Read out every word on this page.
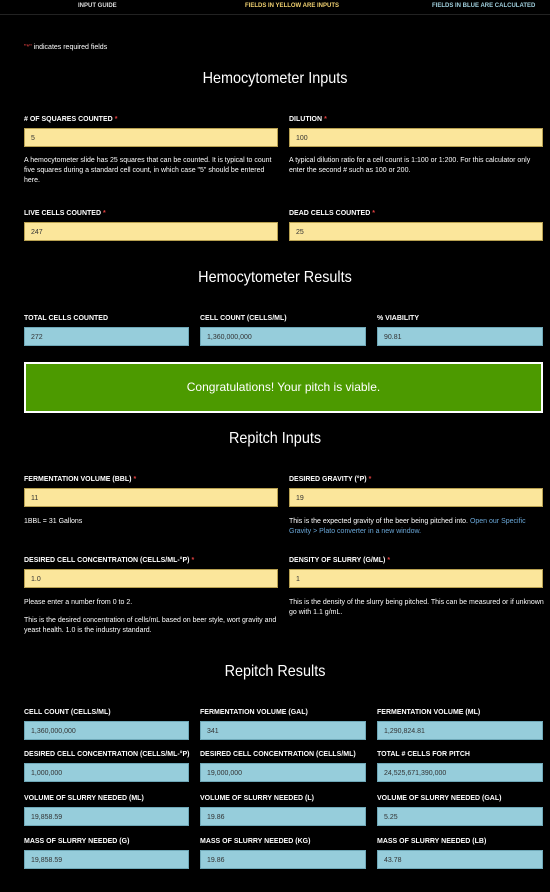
INPUT GUIDE	FIELDS IN YELLOW ARE INPUTS	FIELDS IN BLUE ARE CALCULATED
"*" indicates required fields
Hemocytometer Inputs
# OF SQUARES COUNTED *
5
A hemocytometer slide has 25 squares that can be counted. It is typical to count five squares during a standard cell count, in which case "5" should be entered here.
DILUTION *
100
A typical dilution ratio for a cell count is 1:100 or 1:200. For this calculator only enter the second # such as 100 or 200.
LIVE CELLS COUNTED *
247
DEAD CELLS COUNTED *
25
Hemocytometer Results
TOTAL CELLS COUNTED
272
CELL COUNT (CELLS/ML)
1,360,000,000
% VIABILITY
90.81
Congratulations! Your pitch is viable.
Repitch Inputs
FERMENTATION VOLUME (BBL) *
11
1BBL = 31 Gallons
DESIRED GRAVITY (°P) *
19
This is the expected gravity of the beer being pitched into. Open our Specific Gravity > Plato converter in a new window.
DESIRED CELL CONCENTRATION (CELLS/ML-°P) *
1.0
Please enter a number from 0 to 2.
This is the desired concentration of cells/mL based on beer style, wort gravity and yeast health. 1.0 is the industry standard.
DENSITY OF SLURRY (G/ML) *
1
This is the density of the slurry being pitched. This can be measured or if unknown go with 1.1 g/mL.
Repitch Results
CELL COUNT (CELLS/ML)
1,360,000,000
FERMENTATION VOLUME (GAL)
341
FERMENTATION VOLUME (ML)
1,290,824.81
DESIRED CELL CONCENTRATION (CELLS/ML-°P)
1,000,000
DESIRED CELL CONCENTRATION (CELLS/ML)
19,000,000
TOTAL # CELLS FOR PITCH
24,525,671,390,000
VOLUME OF SLURRY NEEDED (ML)
19,858.59
VOLUME OF SLURRY NEEDED (L)
19.86
VOLUME OF SLURRY NEEDED (GAL)
5.25
MASS OF SLURRY NEEDED (G)
19,858.59
MASS OF SLURRY NEEDED (KG)
19.86
MASS OF SLURRY NEEDED (LB)
43.78
